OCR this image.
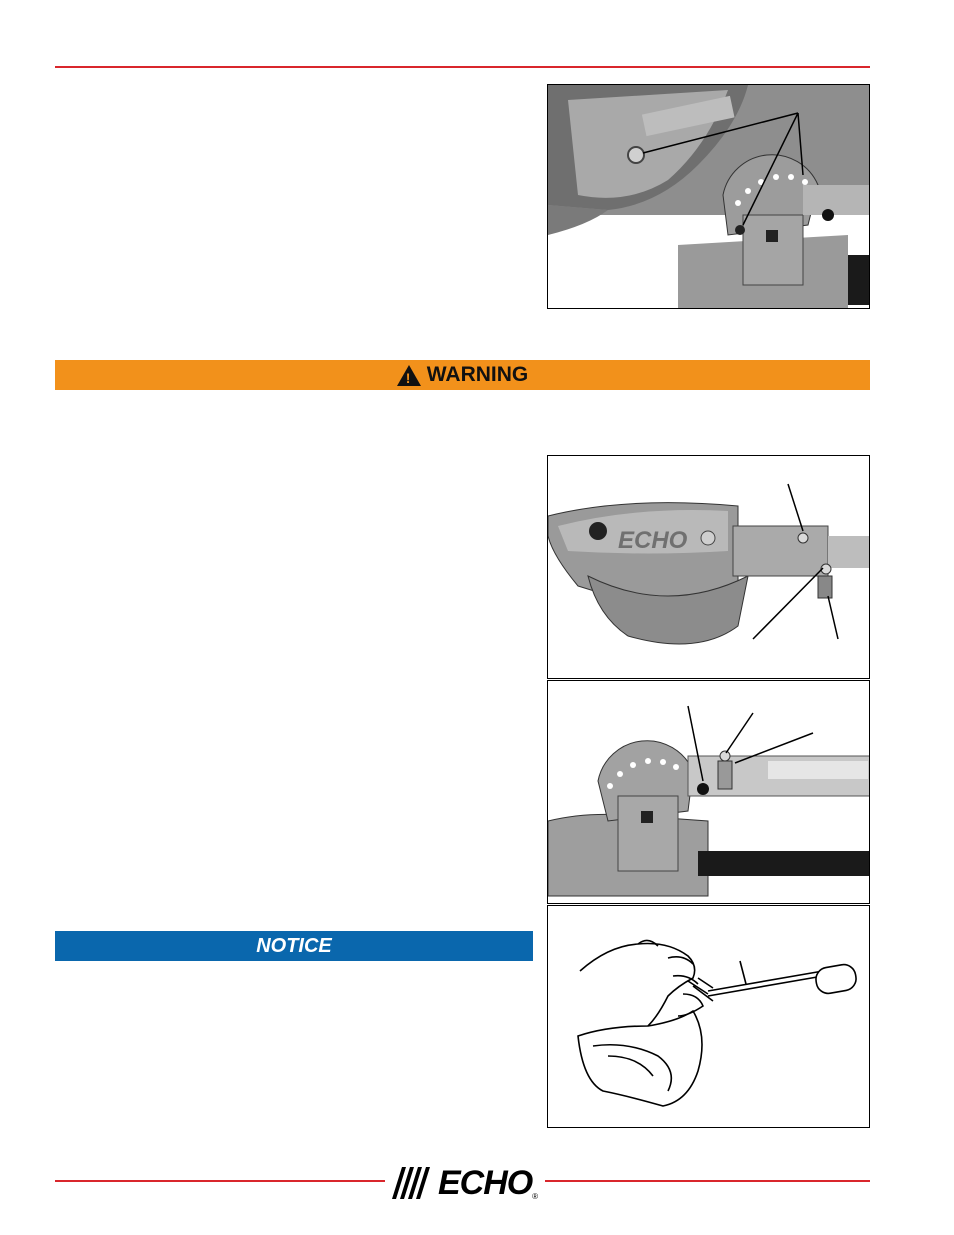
! WARNING
ECHO
NOTICE
ECHO ®
